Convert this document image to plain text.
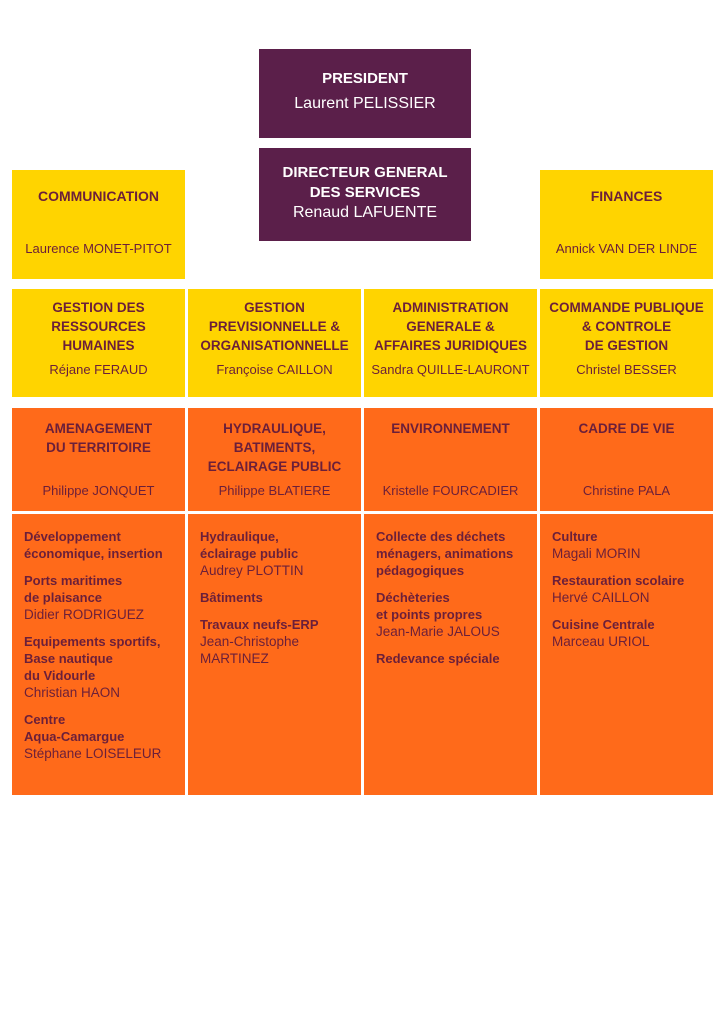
PRESIDENT
Laurent PELISSIER
DIRECTEUR GENERAL
DES SERVICES
Renaud LAFUENTE
COMMUNICATION
Laurence MONET-PITOT
FINANCES
Annick VAN DER LINDE
GESTION DES
RESSOURCES
HUMAINES
Réjane FERAUD
GESTION
PREVISIONNELLE &
ORGANISATIONNELLE
Françoise CAILLON
ADMINISTRATION
GENERALE &
AFFAIRES JURIDIQUES
Sandra QUILLE-LAURONT
COMMANDE PUBLIQUE
& CONTROLE
DE GESTION
Christel BESSER
AMENAGEMENT
DU TERRITOIRE
Philippe JONQUET
HYDRAULIQUE,
BATIMENTS,
ECLAIRAGE PUBLIC
Philippe BLATIERE
ENVIRONNEMENT
Kristelle FOURCADIER
CADRE DE VIE
Christine PALA
Développement
économique, insertion
Ports maritimes
de plaisance
Didier RODRIGUEZ
Equipements sportifs,
Base nautique
du Vidourle
Christian HAON
Centre
Aqua-Camargue
Stéphane LOISELEUR
Hydraulique,
éclairage public
Audrey PLOTTIN
Bâtiments
Travaux neufs-ERP
Jean-Christophe
MARTINEZ
Collecte des déchets
ménagers, animations
pédagogiques
Déchèteries
et points propres
Jean-Marie JALOUS
Redevance spéciale
Culture
Magali MORIN
Restauration scolaire
Hervé CAILLON
Cuisine Centrale
Marceau URIOL
